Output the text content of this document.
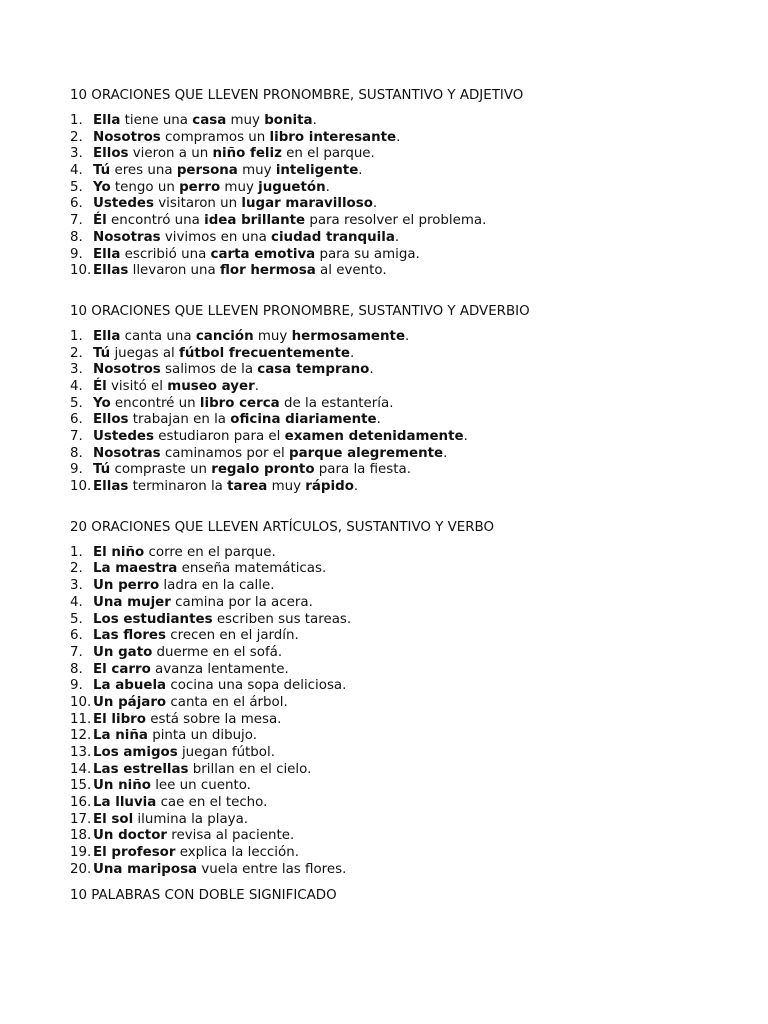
10 ORACIONES QUE LLEVEN PRONOMBRE, SUSTANTIVO Y ADJETIVO
1. Ella tiene una casa muy bonita.
2. Nosotros compramos un libro interesante.
3. Ellos vieron a un niño feliz en el parque.
4. Tú eres una persona muy inteligente.
5. Yo tengo un perro muy juguetón.
6. Ustedes visitaron un lugar maravilloso.
7. Él encontró una idea brillante para resolver el problema.
8. Nosotras vivimos en una ciudad tranquila.
9. Ella escribió una carta emotiva para su amiga.
10. Ellas llevaron una flor hermosa al evento.
10 ORACIONES QUE LLEVEN PRONOMBRE, SUSTANTIVO Y ADVERBIO
1. Ella canta una canción muy hermosamente.
2. Tú juegas al fútbol frecuentemente.
3. Nosotros salimos de la casa temprano.
4. Él visitó el museo ayer.
5. Yo encontré un libro cerca de la estantería.
6. Ellos trabajan en la oficina diariamente.
7. Ustedes estudiaron para el examen detenidamente.
8. Nosotras caminamos por el parque alegremente.
9. Tú compraste un regalo pronto para la fiesta.
10. Ellas terminaron la tarea muy rápido.
20 ORACIONES QUE LLEVEN ARTÍCULOS, SUSTANTIVO Y VERBO
1. El niño corre en el parque.
2. La maestra enseña matemáticas.
3. Un perro ladra en la calle.
4. Una mujer camina por la acera.
5. Los estudiantes escriben sus tareas.
6. Las flores crecen en el jardín.
7. Un gato duerme en el sofá.
8. El carro avanza lentamente.
9. La abuela cocina una sopa deliciosa.
10. Un pájaro canta en el árbol.
11. El libro está sobre la mesa.
12. La niña pinta un dibujo.
13. Los amigos juegan fútbol.
14. Las estrellas brillan en el cielo.
15. Un niño lee un cuento.
16. La lluvia cae en el techo.
17. El sol ilumina la playa.
18. Un doctor revisa al paciente.
19. El profesor explica la lección.
20. Una mariposa vuela entre las flores.
10 PALABRAS CON DOBLE SIGNIFICADO
